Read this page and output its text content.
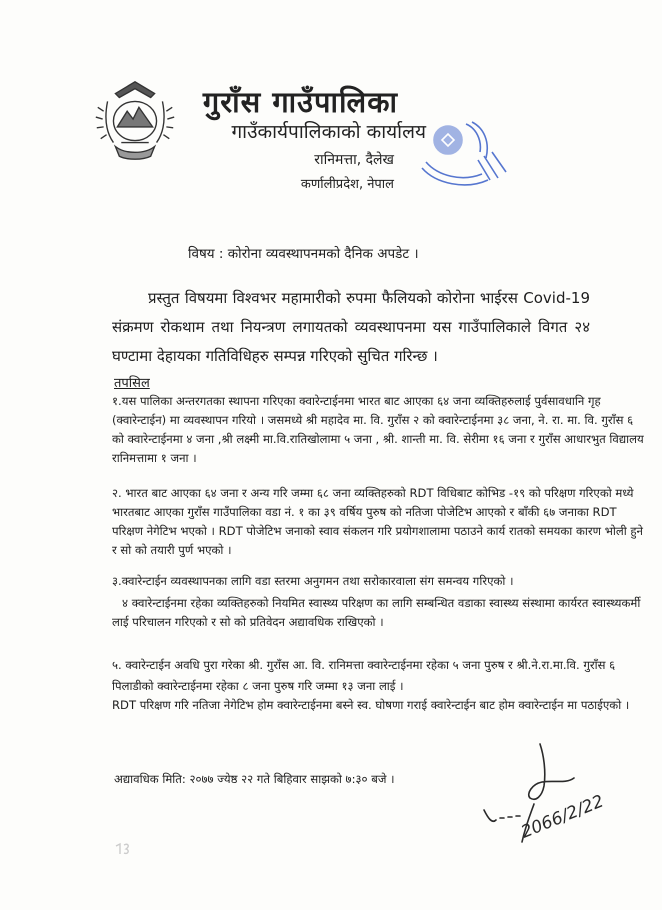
गुराँस गाउँपालिका
गाउँकार्यपालिकाको कार्यालय
रानिमत्ता, दैलेख
कर्णालीप्रदेश, नेपाल
विषय : कोरोना व्यवस्थापनमको दैनिक अपडेट ।
प्रस्तुत विषयमा विश्वभर महामारीको रुपमा फैलियको कोरोना भाईरस Covid-19 संक्रमण रोकथाम तथा नियन्त्रण लगायतको व्यवस्थापनमा यस गाउँपालिकाले विगत २४ घण्टामा देहायका गतिविधिहरु सम्पन्न गरिएको सुचित गरिन्छ ।
तपसिल
१.यस पालिका अन्तरगतका स्थापना गरिएका क्वारेन्टाईनमा भारत बाट आएका ६४ जना व्यक्तिहरुलाई पुर्वसावधानि गृह (क्वारेन्टाईन) मा व्यवस्थापन गरियो । जसमध्ये श्री महादेव मा. वि. गुराँस २ को क्वारेन्टाईनमा ३८ जना, ने. रा. मा. वि. गुराँस ६ को क्वारेन्टाईनमा ४ जना ,श्री लक्ष्मी मा.वि.रातिखोलामा ५ जना , श्री. शान्ती मा. वि. सेरीमा १६ जना र गुराँस आधारभुत विद्यालय रानिमत्तामा १ जना ।
२. भारत बाट आएका ६४ जना र अन्य गरि जम्मा ६८ जना व्यक्तिहरुको RDT विधिबाट कोभिड -१९ को परिक्षण गरिएको मध्ये भारतबाट आएका गुराँस गाउँपालिका वडा नं. १ का ३९ वर्षिय पुरुष को नतिजा पोजेटिभ आएको र बाँकी ६७ जनाका RDT परिक्षण नेगेटिभ भएको । RDT पोजेटिभ जनाको स्वाव संकलन गरि प्रयोगशालामा पठाउने कार्य रातको समयका कारण भोली हुने र सो को तयारी पुर्ण भएको ।
३.क्वारेन्टाईन व्यवस्थापनका लागि वडा स्तरमा अनुगमन तथा सरोकारवाला संग समन्वय गरिएको ।
४ क्वारेन्टाईनमा रहेका व्यक्तिहरुको नियमित स्वास्थ्य परिक्षण का लागि सम्बन्धित वडाका स्वास्थ्य संस्थामा कार्यरत स्वास्थ्यकर्मी लाई परिचालन गरिएको र सो को प्रतिवेदन अद्यावधिक राखिएको ।
५. क्वारेन्टाईन अवधि पुरा गरेका श्री. गुराँस आ. वि. रानिमत्ता क्वारेन्टाईनमा रहेका ५ जना पुरुष र श्री.ने.रा.मा.वि. गुराँस ६ पिलाडीको क्वारेन्टाईनमा रहेका ८ जना पुरुष गरि जम्मा १३ जना लाई ।
RDT परिक्षण गरि नतिजा नेगेटिभ होम क्वारेन्टाईनमा बस्ने स्व. घोषणा गराई क्वारेन्टाईन बाट होम क्वारेन्टाईन मा पठाईएको ।
अद्यावधिक मिति: २०७७ ज्येष्ठ २२ गते बिहिवार साझको ७:३० बजे ।
2066/2/22
